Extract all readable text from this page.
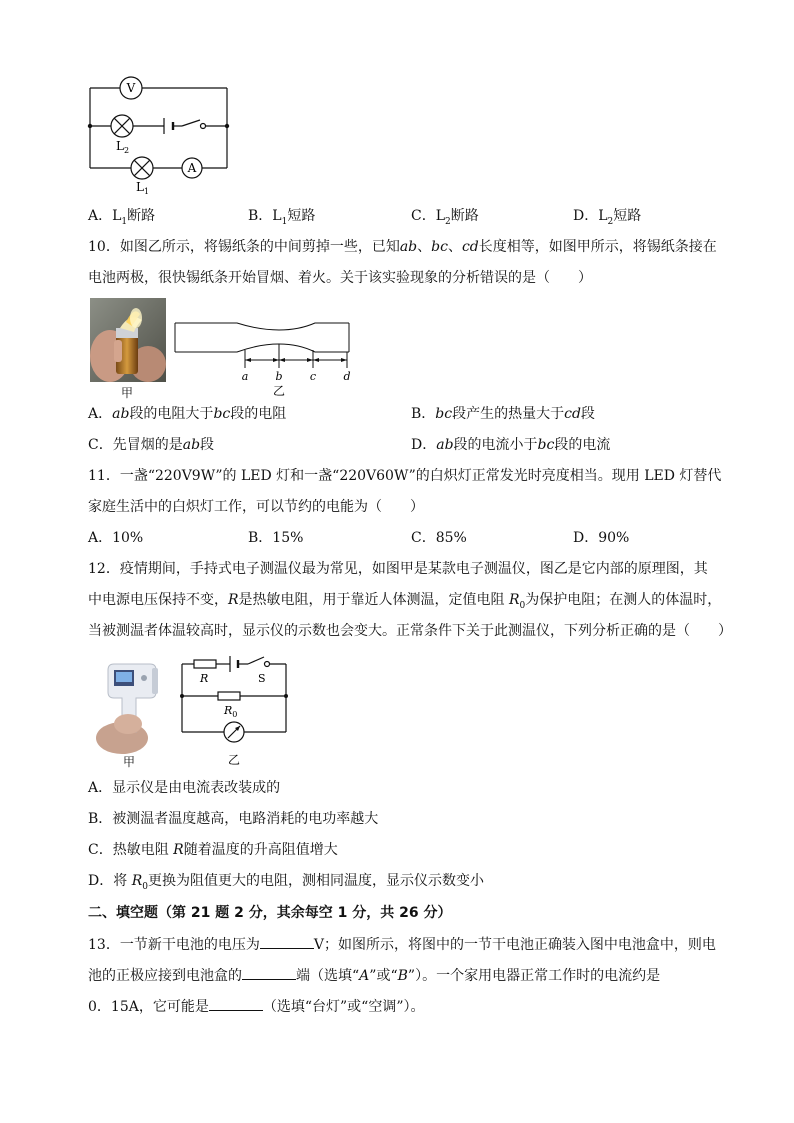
V
$L_2$
$L_1$
A
A．$L_1$断路	B．$L_1$短路	C．$L_2$断路	D．$L_2$短路
10．如图乙所示，将锡纸条的中间剪掉一些，已知ab、bc、cd长度相等，如图甲所示，将锡纸条接在
电池两极，很快锡纸条开始冒烟、着火。关于该实验现象的分析错误的是（　　）
甲
a b c d
乙
A．ab段的电阻大于bc段的电阻	B．bc段产生的热量大于cd段
C．先冒烟的是ab段	D．ab段的电流小于bc段的电流
11．一盏“220V9W”的 LED 灯和一盏“220V60W”的白炽灯正常发光时亮度相当。现用 LED 灯替代
家庭生活中的白炽灯工作，可以节约的电能为（　　）
A．10%	B．15%	C．85%	D．90%
12．疫情期间，手持式电子测温仪最为常见，如图甲是某款电子测温仪，图乙是它内部的原理图，其
中电源电压保持不变，R是热敏电阻，用于靠近人体测温，定值电阻 $R_0$为保护电阻；在测人的体温时，
当被测温者体温较高时，显示仪的示数也会变大。正常条件下关于此测温仪，下列分析正确的是（　　）
甲
R	S
$R_0$
乙
A．显示仪是由电流表改装成的
B．被测温者温度越高，电路消耗的电功率越大
C．热敏电阻 R随着温度的升高阻值增大
D．将 $R_0$更换为阻值更大的电阻，测相同温度，显示仪示数变小
二、填空题（第 21 题 2 分，其余每空 1 分，共 26 分）
13．一节新干电池的电压为	V；如图所示，将图中的一节干电池正确装入图中电池盒中，则电
池的正极应接到电池盒的	端（选填“A”或“B”）。一个家用电器正常工作时的电流约是
0．15A，它可能是	（选填“台灯”或“空调”）。
